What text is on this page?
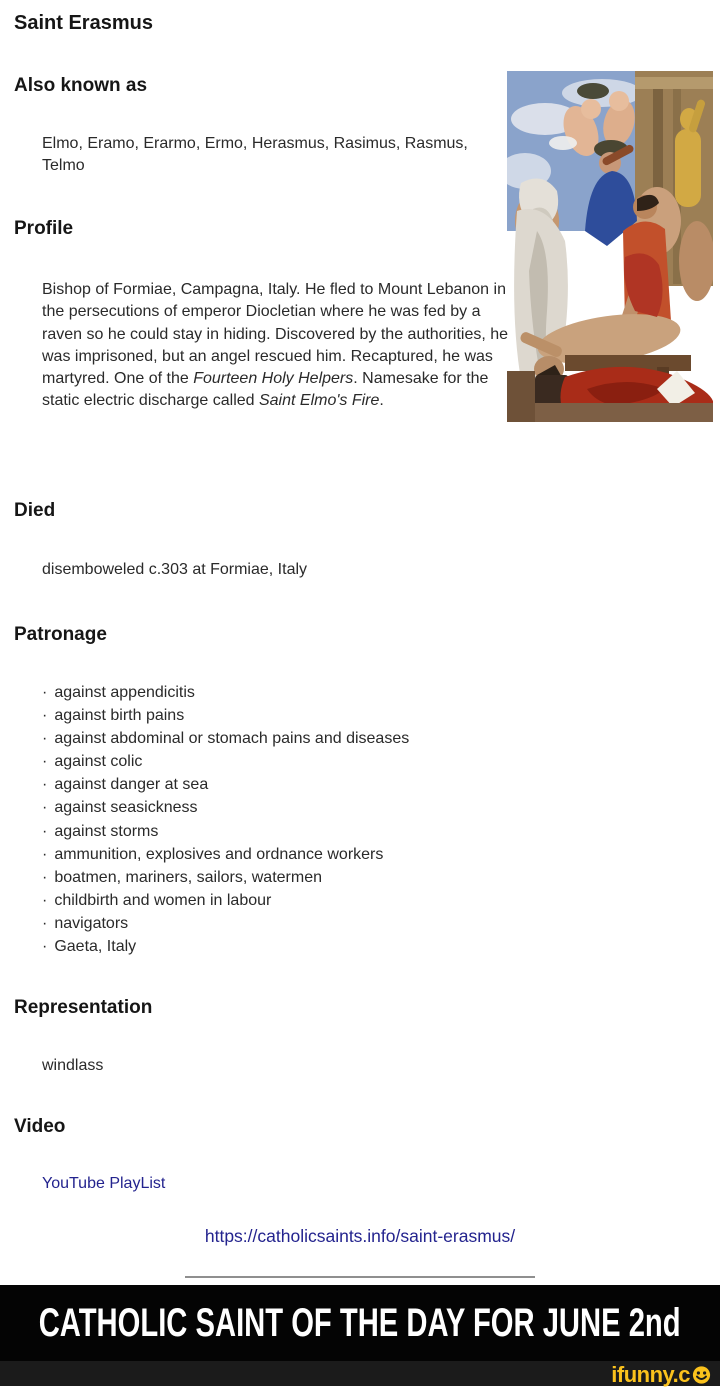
Saint Erasmus
Also known as

Elmo, Eramo, Erarmo, Ermo, Herasmus, Rasimus, Rasmus, Telmo

Profile

Bishop of Formiae, Campagna, Italy. He fled to Mount Lebanon in the persecutions of emperor Diocletian where he was fed by a raven so he could stay in hiding. Discovered by the authorities, he was imprisoned, but an angel rescued him. Recaptured, he was martyred. One of the Fourteen Holy Helpers. Namesake for the static electric discharge called Saint Elmo's Fire.

Died

disemboweled c.303 at Formiae, Italy

Patronage
· against appendicitis
· against birth pains
· against abdominal or stomach pains and diseases
· against colic
· against danger at sea
· against seasickness
· against storms
· ammunition, explosives and ordnance workers
· boatmen, mariners, sailors, watermen
· childbirth and women in labour
· navigators
· Gaeta, Italy
Representation

windlass

Video
YouTube PlayList
https://catholicsaints.info/saint-erasmus/
CATHOLIC SAINT OF THE DAY FOR JUNE 2nd
ifunny.c
